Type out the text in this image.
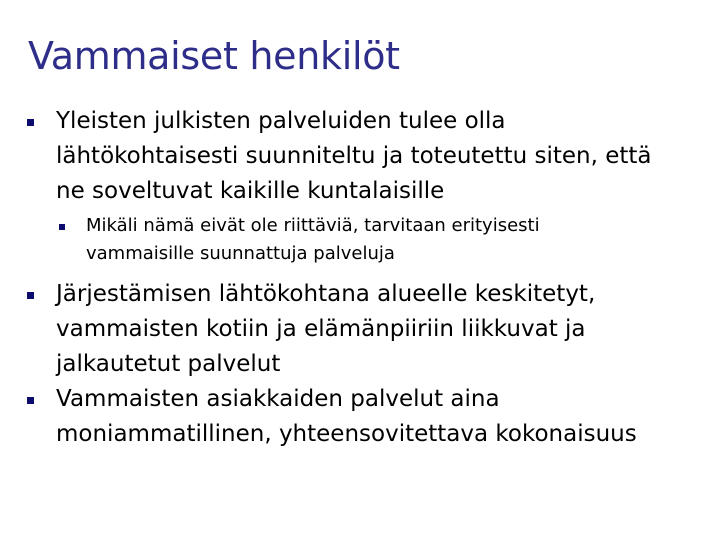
Vammaiset henkilöt
Yleisten julkisten palveluiden tulee olla
lähtökohtaisesti suunniteltu ja toteutettu siten, että
ne soveltuvat kaikille kuntalaisille
Mikäli nämä eivät ole riittäviä, tarvitaan erityisesti
vammaisille suunnattuja palveluja
Järjestämisen lähtökohtana alueelle keskitetyt,
vammaisten kotiin ja elämänpiiriin liikkuvat ja
jalkautetut palvelut
Vammaisten asiakkaiden palvelut aina
moniammatillinen, yhteensovitettava kokonaisuus
